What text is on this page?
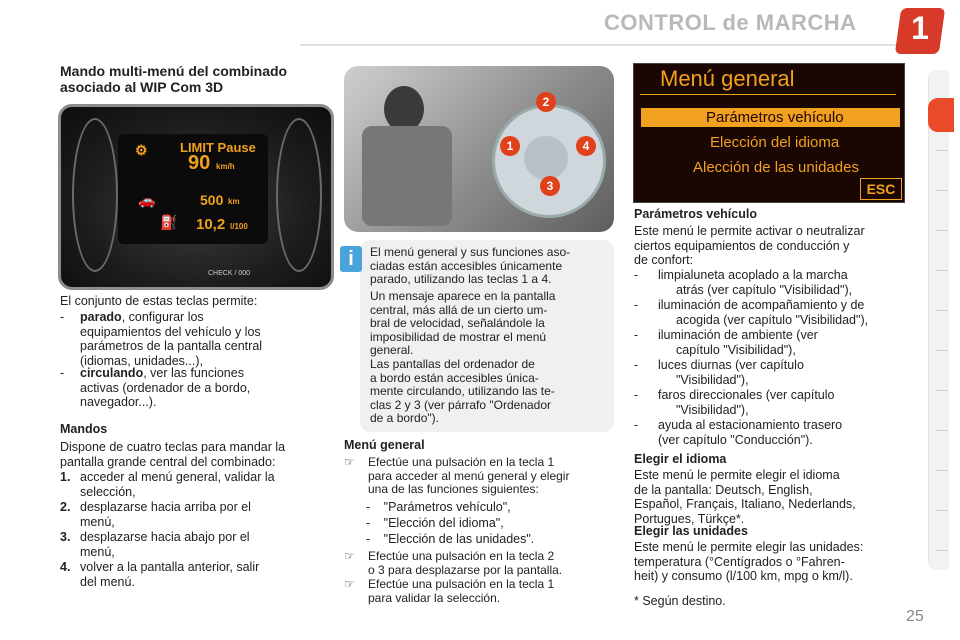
CONTROL de MARCHA	1
Mando multi-menú del combinado
asociado al WIP Com 3D
LIMIT Pause
90 km/h
500 km
10,2 l/100
CHECK / 000
⚙
🚗
⛽
El conjunto de estas teclas permite:
- parado, configurar los
equipamientos del vehículo y los
parámetros de la pantalla central
(idiomas, unidades...),
- circulando, ver las funciones
activas (ordenador de a bordo,
navegador...).
Mandos
Dispone de cuatro teclas para mandar la
pantalla grande central del combinado:
1. acceder al menú general, validar la
selección,
2. desplazarse hacia arriba por el
menú,
3. desplazarse hacia abajo por el
menú,
4. volver a la pantalla anterior, salir
del menú.
2
1	4
3
i	El menú general y sus funciones aso-
ciadas están accesibles únicamente
parado, utilizando las teclas 1 a 4.
Un mensaje aparece en la pantalla
central, más allá de un cierto um-
bral de velocidad, señalándole la
imposibilidad de mostrar el menú
general.
Las pantallas del ordenador de
a bordo están accesibles única-
mente circulando, utilizando las te-
clas 2 y 3 (ver párrafo "Ordenador
de a bordo").
Menú general
☞ Efectúe una pulsación en la tecla 1
para acceder al menú general y elegir
una de las funciones siguientes:
- "Parámetros vehículo",
- "Elección del idioma",
- "Elección de las unidades".
☞ Efectúe una pulsación en la tecla 2
o 3 para desplazarse por la pantalla.
☞ Efectúe una pulsación en la tecla 1
para validar la selección.
Menú general
Parámetros vehículo
Elección del idioma
Alección de las unidades
ESC
Parámetros vehículo
Este menú le permite activar o neutralizar
ciertos equipamientos de conducción y
de confort:
- limpialuneta acoplado a la marcha
atrás (ver capítulo "Visibilidad"),
- iluminación de acompañamiento y de
acogida (ver capítulo "Visibilidad"),
- iluminación de ambiente (ver
capítulo "Visibilidad"),
- luces diurnas (ver capítulo
"Visibilidad"),
- faros direccionales (ver capítulo
"Visibilidad"),
- ayuda al estacionamiento trasero
(ver capítulo "Conducción").
Elegir el idioma
Este menú le permite elegir el idioma
de la pantalla: Deutsch, English,
Español, Français, Italiano, Nederlands,
Portugues, Türkçe*.
Elegir las unidades
Este menú le permite elegir las unidades:
temperatura (°Centígrados o °Fahren-
heit) y consumo (l/100 km, mpg o km/l).
* Según destino.
25
